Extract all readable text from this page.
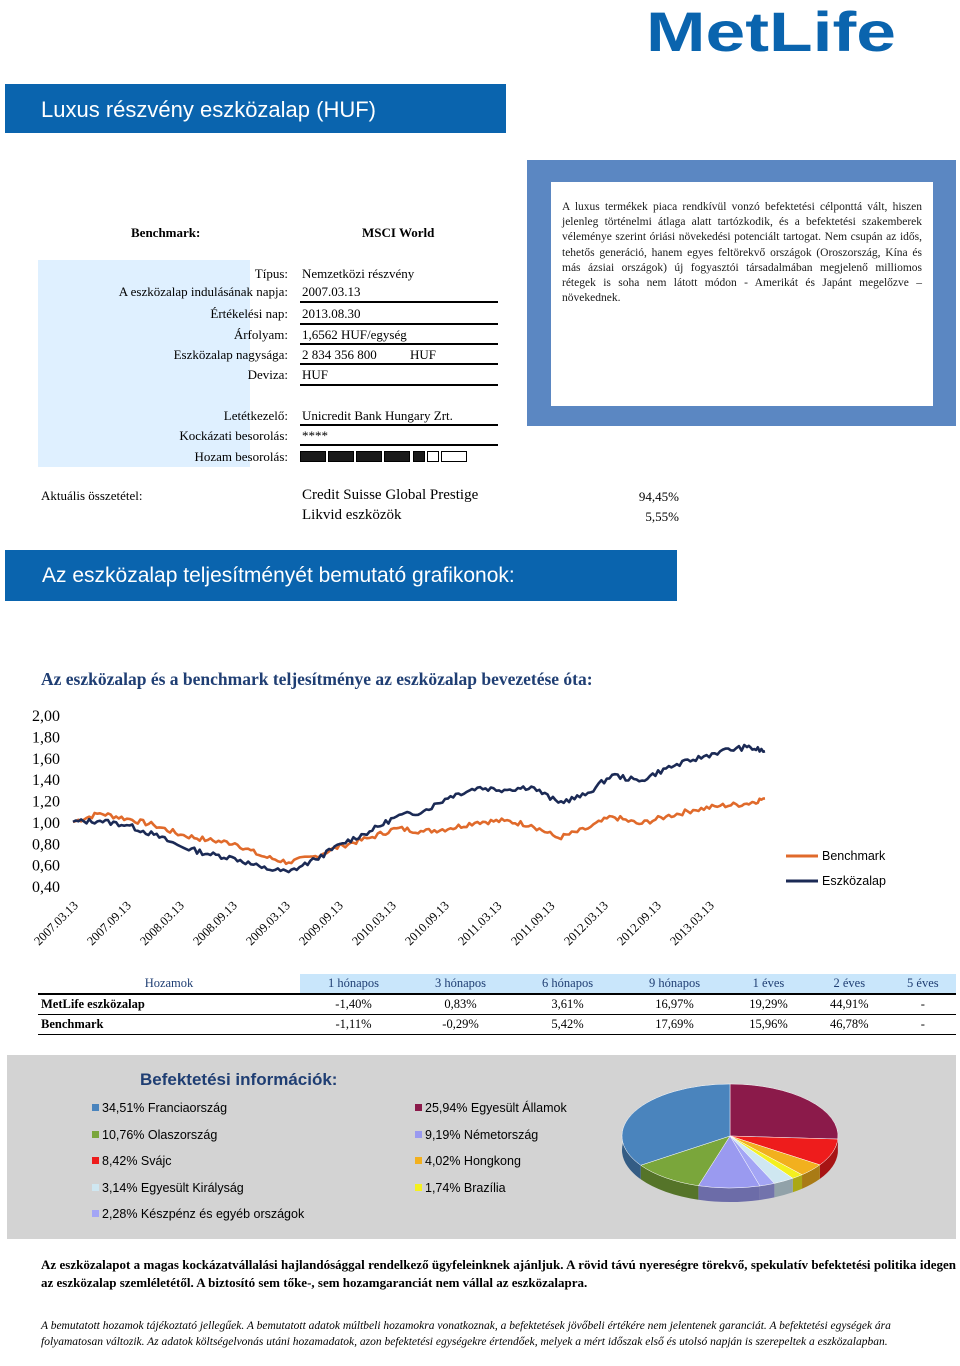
MetLife
Luxus részvény eszközalap (HUF)
Benchmark:	MSCI World
Típus: Nemzetközi részvény
A eszközalap indulásának napja: 2007.03.13
Értékelési nap: 2013.08.30
Árfolyam: 1,6562 HUF/egység
Eszközalap nagysága: 2 834 356 800	HUF
Deviza: HUF
Letétkezelő: Unicredit Bank Hungary Zrt.
Kockázati besorolás: ****
Hozam besorolás:
A luxus termékek piaca rendkívül vonzó befektetési célponttá vált, hiszen jelenleg történelmi átlaga alatt tartózkodik, és a befektetési szakemberek véleménye szerint óriási növekedési potenciált tartogat. Nem csupán az idős, tehetős generáció, hanem egyes feltörekvő országok (Oroszország, Kína és más ázsiai országok) új fogyasztói társadalmában megjelenő milliomos rétegek is soha nem látott módon - Amerikát és Japánt megelőzve – növekednek.
Aktuális összetétel:	Credit Suisse Global Prestige	94,45%
Likvid eszközök	5,55%
Az eszközalap teljesítményét bemutató grafikonok:
Az eszközalap és a benchmark teljesítménye az eszközalap bevezetése óta:
2,00
1,80
1,60
1,40
1,20
1,00
0,80
0,60
0,40
2007.03.13 2007.09.13 2008.03.13 2008.09.13 2009.03.13 2009.09.13 2010.03.13 2010.09.13 2011.03.13 2011.09.13 2012.03.13 2012.09.13 2013.03.13
Benchmark
Eszközalap
Hozamok	1 hónapos	3 hónapos	6 hónapos	9 hónapos	1 éves	2 éves	5 éves
MetLife eszközalap	-1,40%	0,83%	3,61%	16,97%	19,29%	44,91%	-
Benchmark	-1,11%	-0,29%	5,42%	17,69%	15,96%	46,78%	-
Befektetési információk:
34,51% Franciaország	25,94% Egyesült Államok
10,76% Olaszország	9,19% Németország
8,42% Svájc	4,02% Hongkong
3,14% Egyesült Királyság	1,74% Brazília
2,28% Készpénz és egyéb országok
Az eszközalapot a magas kockázatvállalási hajlandósággal rendelkező ügyfeleinknek ajánljuk. A rövid távú nyereségre törekvő, spekulatív befektetési politika idegen az eszközalap szemléletétől. A biztosító sem tőke-, sem hozamgaranciát nem vállal az eszközalapra.
A bemutatott hozamok tájékoztató jellegűek. A bemutatott adatok múltbeli hozamokra vonatkoznak, a befektetések jövőbeli értékére nem jelentenek garanciát. A befektetési egységek ára folyamatosan változik. Az adatok költségelvonás utáni hozamadatok, azon befektetési egységekre értendőek, melyek a mért időszak első és utolsó napján is szerepeltek a eszközalapban.
